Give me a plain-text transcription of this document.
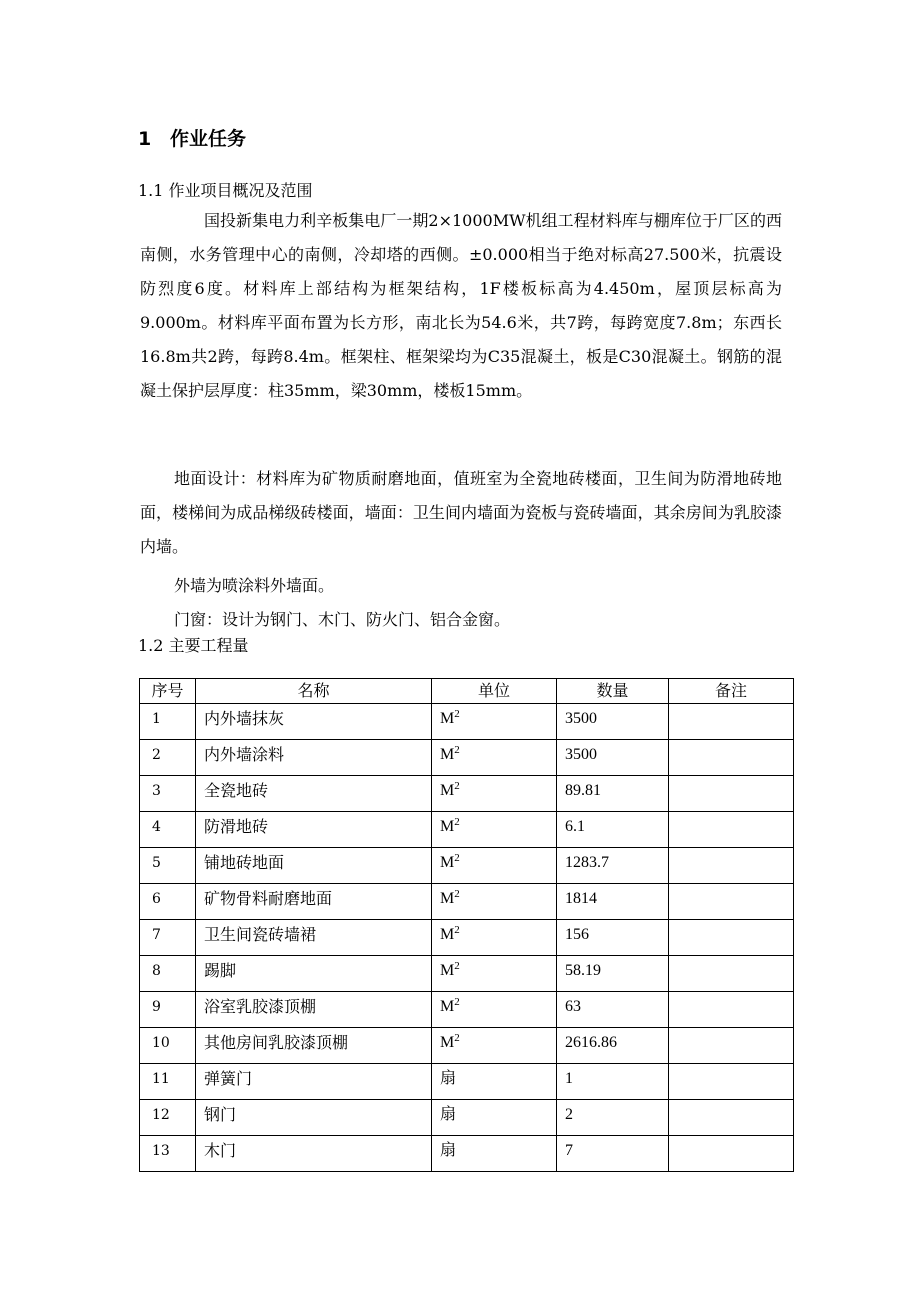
1 作业任务
1.1 作业项目概况及范围

国投新集电力利辛板集电厂一期2×1000MW机组工程材料库与棚库位于厂区的西南侧，水务管理中心的南侧，冷却塔的西侧。±0.000相当于绝对标高27.500米，抗震设防烈度6度。材料库上部结构为框架结构，1F楼板标高为4.450m，屋顶层标高为9.000m。材料库平面布置为长方形，南北长为54.6米，共7跨，每跨宽度7.8m；东西长16.8m共2跨，每跨8.4m。框架柱、框架梁均为C35混凝土，板是C30混凝土。钢筋的混凝土保护层厚度：柱35mm，梁30mm，楼板15mm。

地面设计：材料库为矿物质耐磨地面，值班室为全瓷地砖楼面，卫生间为防滑地砖地面，楼梯间为成品梯级砖楼面，墙面：卫生间内墙面为瓷板与瓷砖墙面，其余房间为乳胶漆内墙。

外墙为喷涂料外墙面。
门窗：设计为钢门、木门、防火门、铝合金窗。
1.2 主要工程量
序号	名称	单位	数量	备注
1	内外墙抹灰	$M^2$	3500	
2	内外墙涂料	$M^2$	3500	
3	全瓷地砖	$M^2$	89.81	
4	防滑地砖	$M^2$	6.1	
5	铺地砖地面	$M^2$	1283.7	
6	矿物骨料耐磨地面	$M^2$	1814	
7	卫生间瓷砖墙裙	$M^2$	156	
8	踢脚	$M^2$	58.19	
9	浴室乳胶漆顶棚	$M^2$	63	
10	其他房间乳胶漆顶棚	$M^2$	2616.86	
11	弹簧门	扇	1	
12	钢门	扇	2	
13	木门	扇	7	
